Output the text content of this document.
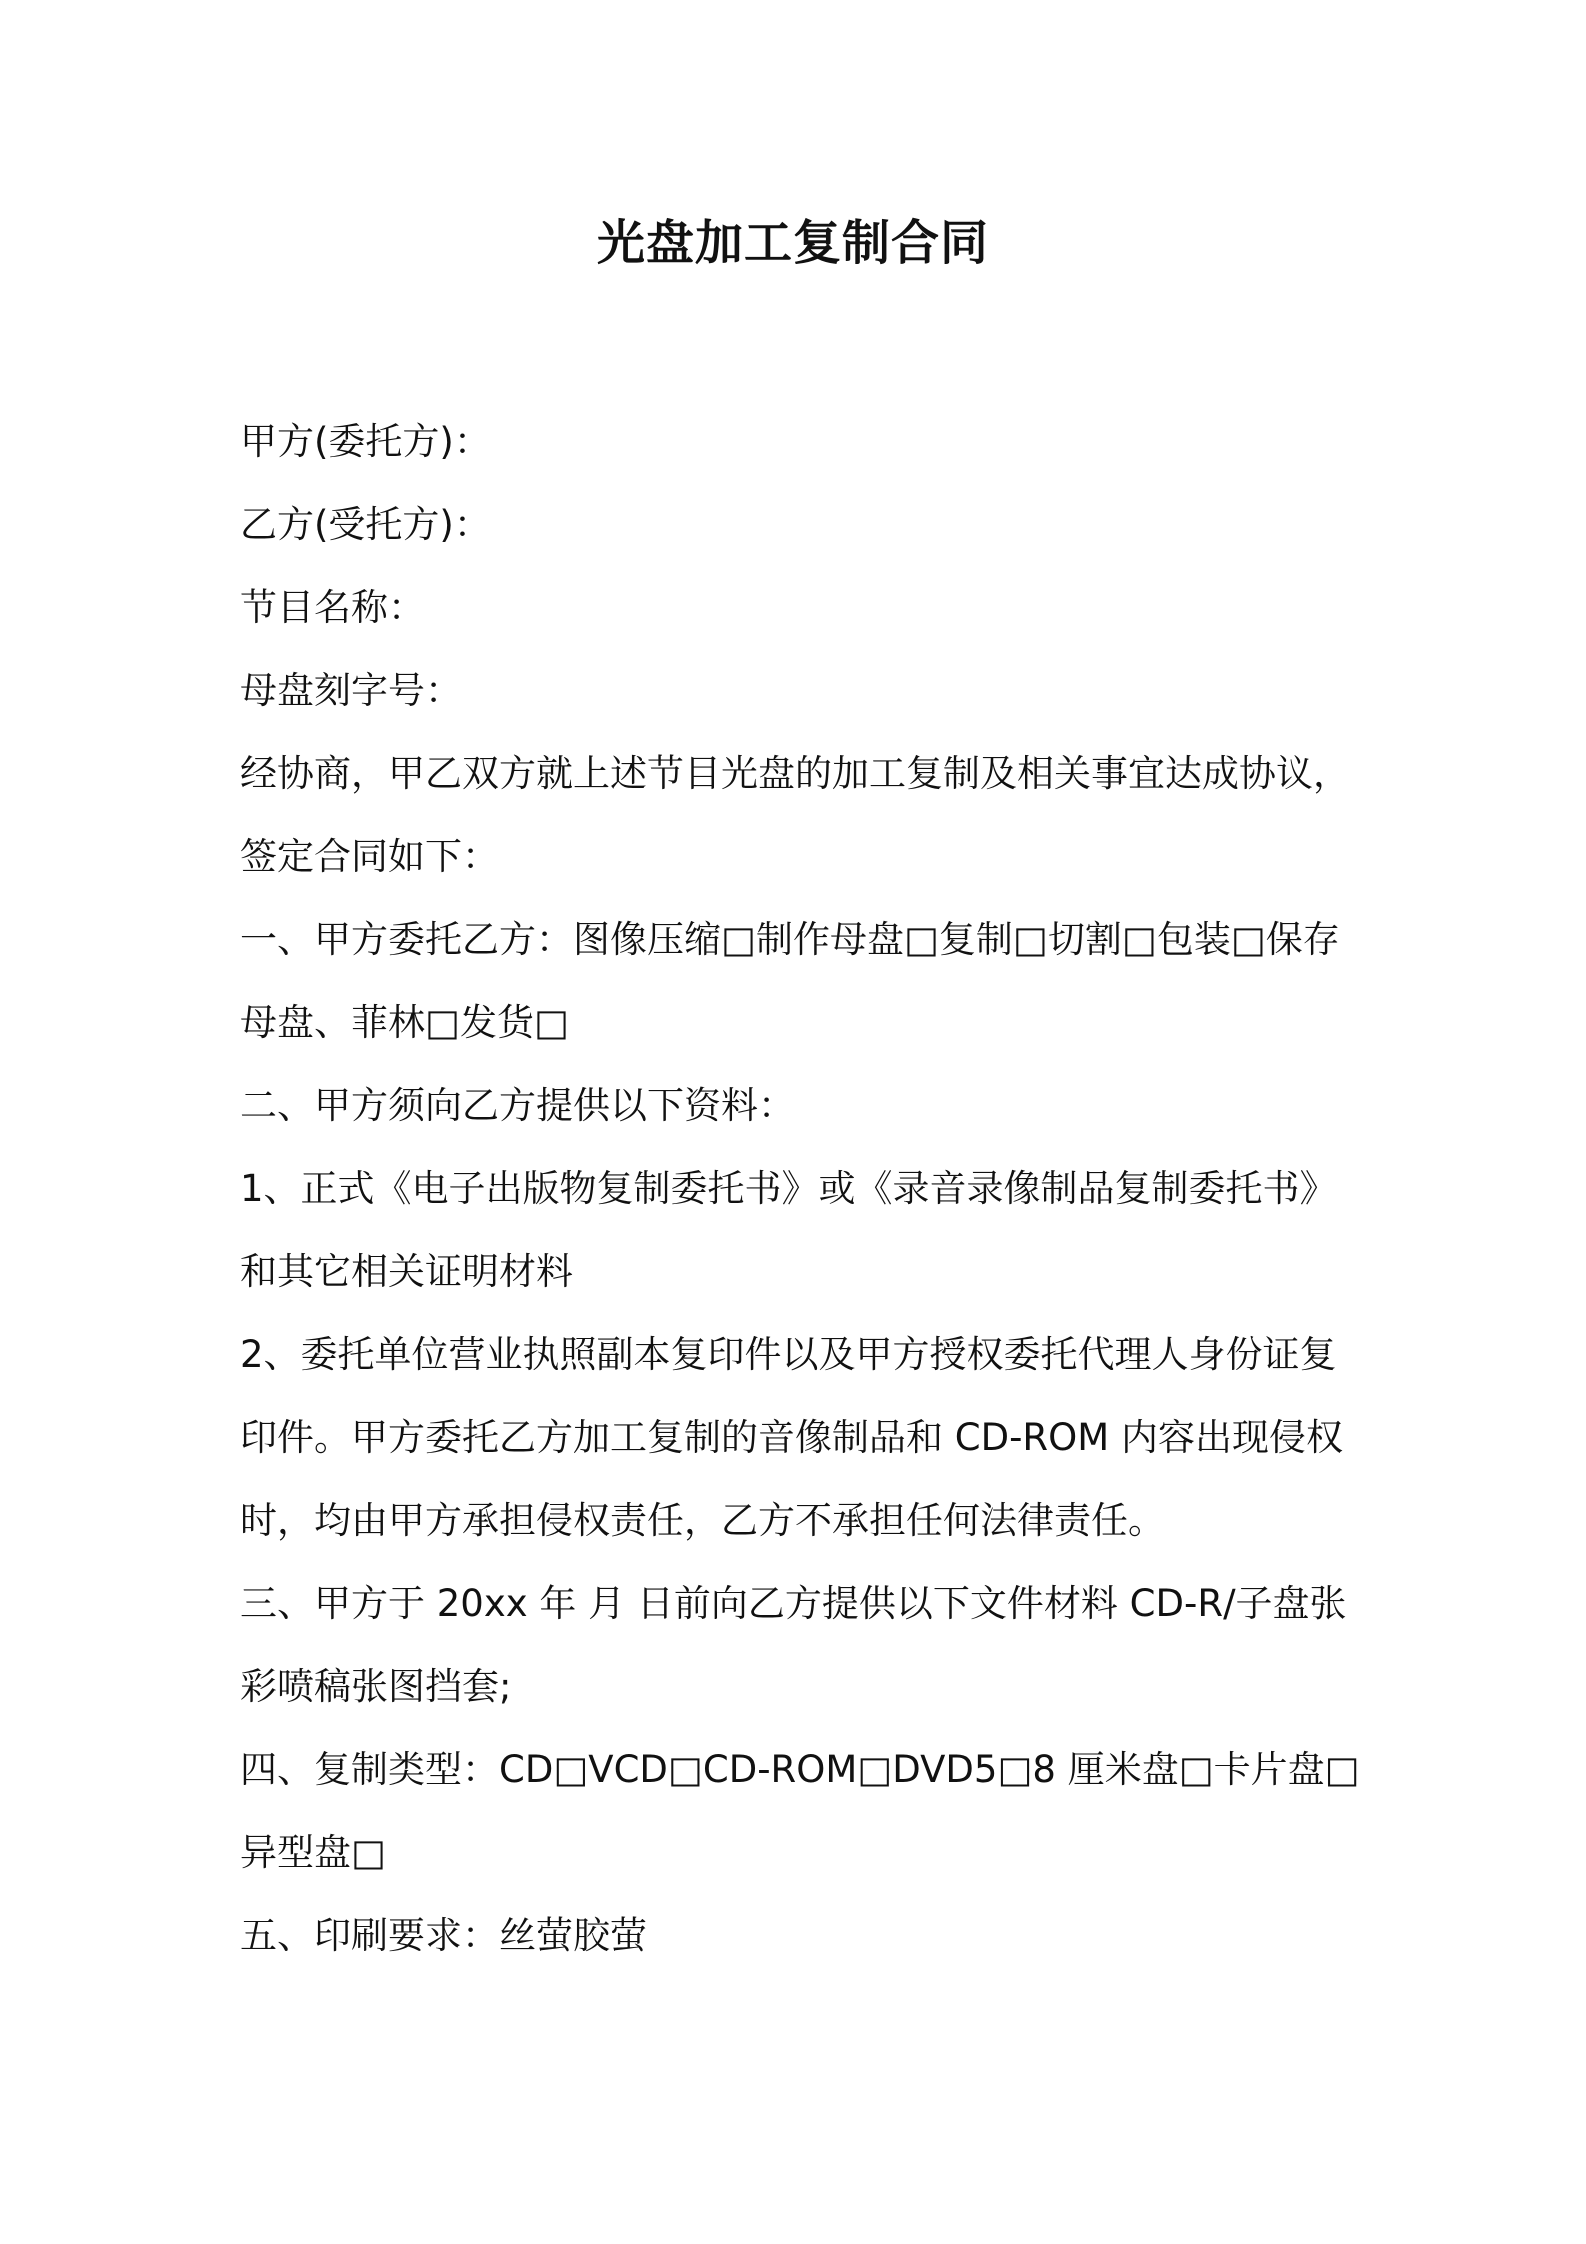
光盘加工复制合同

甲方(委托方)：

乙方(受托方)：

节目名称：

母盘刻字号：

经协商，甲乙双方就上述节目光盘的加工复制及相关事宜达成协议，

签定合同如下：

一、甲方委托乙方：图像压缩□制作母盘□复制□切割□包装□保存

母盘、菲林□发货□

二、甲方须向乙方提供以下资料：

1、正式《电子出版物复制委托书》或《录音录像制品复制委托书》

和其它相关证明材料

2、委托单位营业执照副本复印件以及甲方授权委托代理人身份证复

印件。甲方委托乙方加工复制的音像制品和 CD-ROM 内容出现侵权

时，均由甲方承担侵权责任，乙方不承担任何法律责任。

三、甲方于 20xx 年 月 日前向乙方提供以下文件材料 CD-R/子盘张

彩喷稿张图挡套;

四、复制类型：CD□VCD□CD-ROM□DVD5□8 厘米盘□卡片盘□

异型盘□

五、印刷要求：丝萤胶萤
